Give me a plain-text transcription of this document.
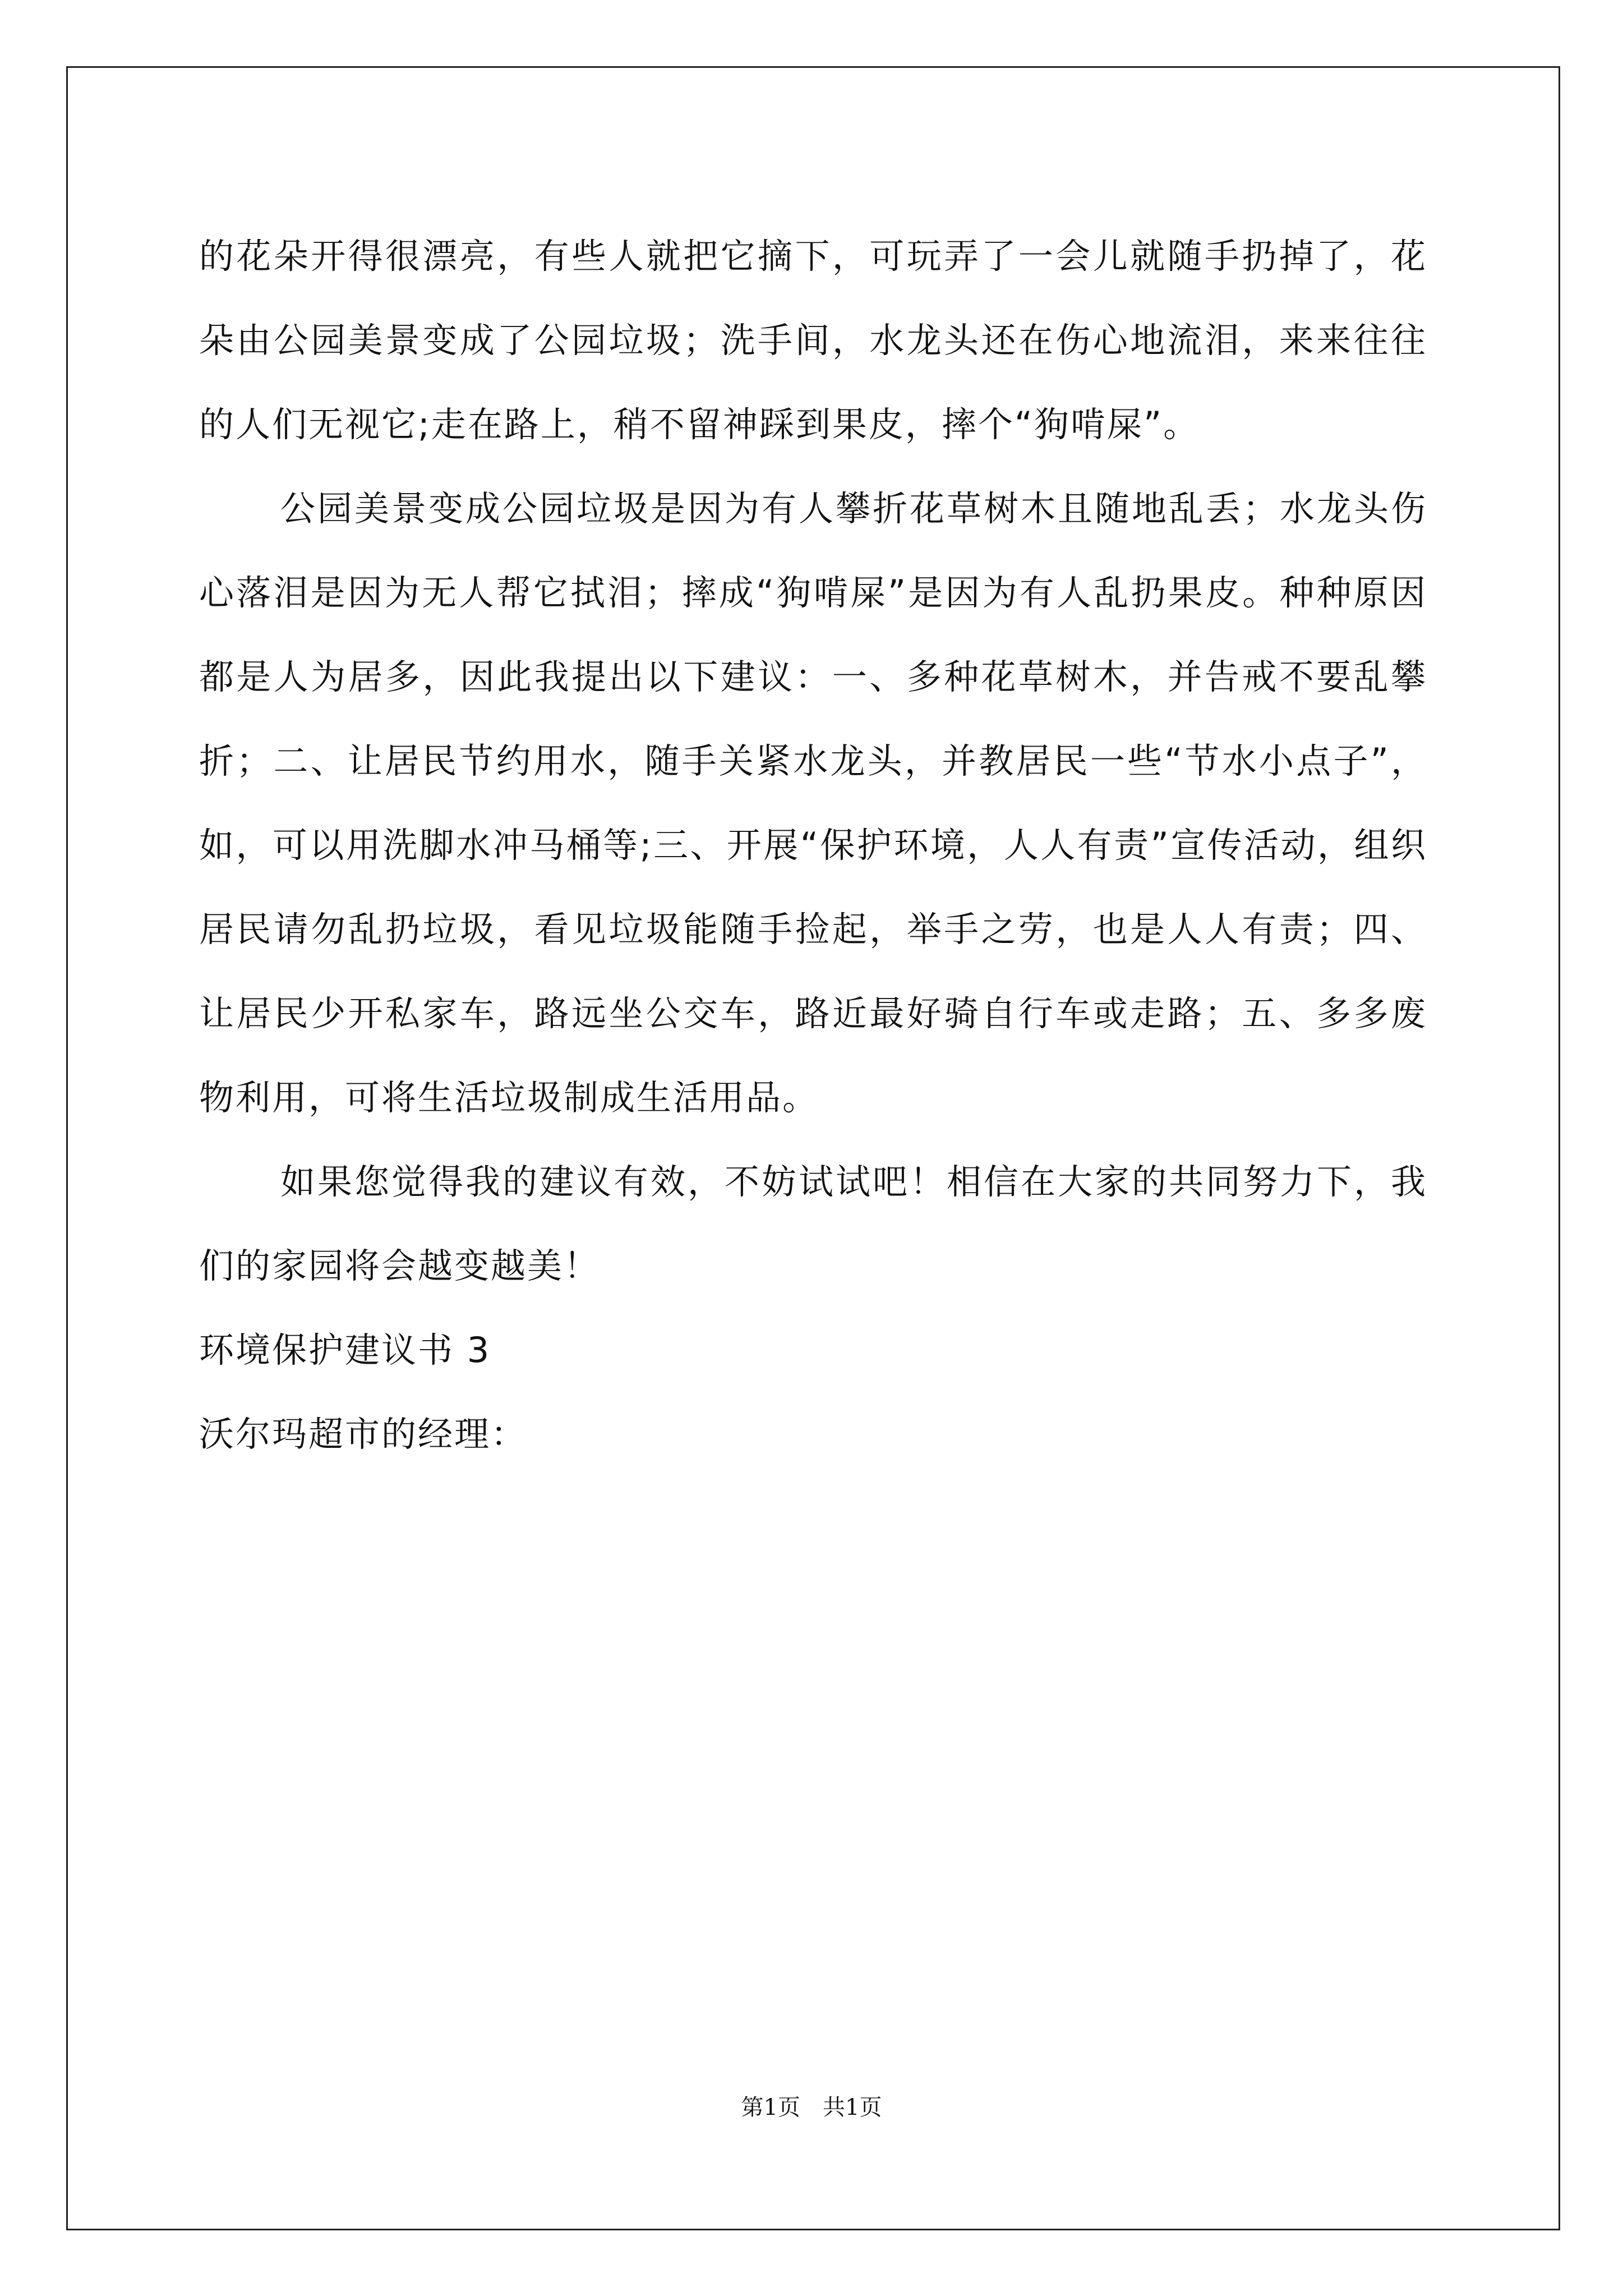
的花朵开得很漂亮，有些人就把它摘下，可玩弄了一会儿就随手扔掉了，花朵由公园美景变成了公园垃圾；洗手间，水龙头还在伤心地流泪，来来往往的人们无视它;走在路上，稍不留神踩到果皮，摔个“狗啃屎”。

公园美景变成公园垃圾是因为有人攀折花草树木且随地乱丢；水龙头伤心落泪是因为无人帮它拭泪；摔成“狗啃屎”是因为有人乱扔果皮。种种原因都是人为居多，因此我提出以下建议：一、多种花草树木，并告戒不要乱攀折；二、让居民节约用水，随手关紧水龙头，并教居民一些“节水小点子”，如，可以用洗脚水冲马桶等;三、开展“保护环境，人人有责”宣传活动，组织居民请勿乱扔垃圾，看见垃圾能随手捡起，举手之劳，也是人人有责；四、让居民少开私家车，路远坐公交车，路近最好骑自行车或走路；五、多多废物利用，可将生活垃圾制成生活用品。

如果您觉得我的建议有效，不妨试试吧！相信在大家的共同努力下，我们的家园将会越变越美！

环境保护建议书 3

沃尔玛超市的经理：

第1页　共1页
